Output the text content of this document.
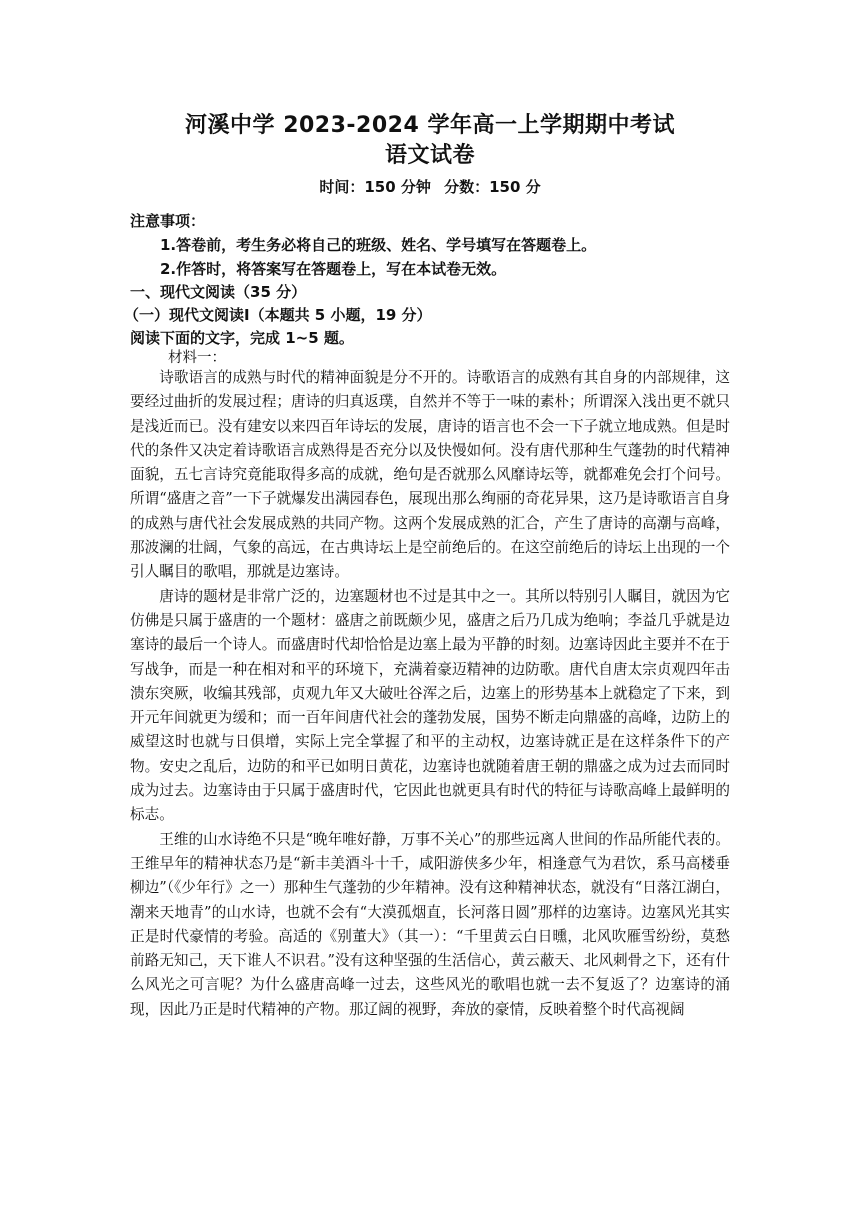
河溪中学 2023-2024 学年高一上学期期中考试
语文试卷
时间：150 分钟 分数：150 分
注意事项：
1.答卷前，考生务必将自己的班级、姓名、学号填写在答题卷上。
2.作答时，将答案写在答题卷上，写在本试卷无效。
一、现代文阅读（35 分）
（一）现代文阅读Ⅰ（本题共 5 小题，19 分）
阅读下面的文字，完成 1~5 题。
材料一：

诗歌语言的成熟与时代的精神面貌是分不开的。诗歌语言的成熟有其自身的内部规律，这要经过曲折的发展过程；唐诗的归真返璞，自然并不等于一味的素朴；所谓深入浅出更不就只是浅近而已。没有建安以来四百年诗坛的发展，唐诗的语言也不会一下子就立地成熟。但是时代的条件又决定着诗歌语言成熟得是否充分以及快慢如何。没有唐代那种生气蓬勃的时代精神面貌，五七言诗究竟能取得多高的成就，绝句是否就那么风靡诗坛等，就都难免会打个问号。所谓“盛唐之音”一下子就爆发出满园春色，展现出那么绚丽的奇花异果，这乃是诗歌语言自身的成熟与唐代社会发展成熟的共同产物。这两个发展成熟的汇合，产生了唐诗的高潮与高峰，那波澜的壮阔，气象的高远，在古典诗坛上是空前绝后的。在这空前绝后的诗坛上出现的一个引人瞩目的歌唱，那就是边塞诗。

唐诗的题材是非常广泛的，边塞题材也不过是其中之一。其所以特别引人瞩目，就因为它仿佛是只属于盛唐的一个题材：盛唐之前既颇少见，盛唐之后乃几成为绝响；李益几乎就是边塞诗的最后一个诗人。而盛唐时代却恰恰是边塞上最为平静的时刻。边塞诗因此主要并不在于写战争，而是一种在相对和平的环境下，充满着豪迈精神的边防歌。唐代自唐太宗贞观四年击溃东突厥，收编其残部，贞观九年又大破吐谷浑之后，边塞上的形势基本上就稳定了下来，到开元年间就更为缓和；而一百年间唐代社会的蓬勃发展，国势不断走向鼎盛的高峰，边防上的威望这时也就与日俱增，实际上完全掌握了和平的主动权，边塞诗就正是在这样条件下的产物。安史之乱后，边防的和平已如明日黄花，边塞诗也就随着唐王朝的鼎盛之成为过去而同时成为过去。边塞诗由于只属于盛唐时代，它因此也就更具有时代的特征与诗歌高峰上最鲜明的标志。

王维的山水诗绝不只是“晚年唯好静，万事不关心”的那些远离人世间的作品所能代表的。王维早年的精神状态乃是“新丰美酒斗十千，咸阳游侠多少年，相逢意气为君饮，系马高楼垂柳边”（《少年行》之一）那种生气蓬勃的少年精神。没有这种精神状态，就没有“日落江湖白，潮来天地青”的山水诗，也就不会有“大漠孤烟直，长河落日圆”那样的边塞诗。边塞风光其实正是时代豪情的考验。高适的《别董大》（其一）：“千里黄云白日曛，北风吹雁雪纷纷，莫愁前路无知己，天下谁人不识君。”没有这种坚强的生活信心，黄云蔽天、北风刺骨之下，还有什么风光之可言呢？为什么盛唐高峰一过去，这些风光的歌唱也就一去不复返了？边塞诗的涌现，因此乃正是时代精神的产物。那辽阔的视野，奔放的豪情，反映着整个时代高视阔
